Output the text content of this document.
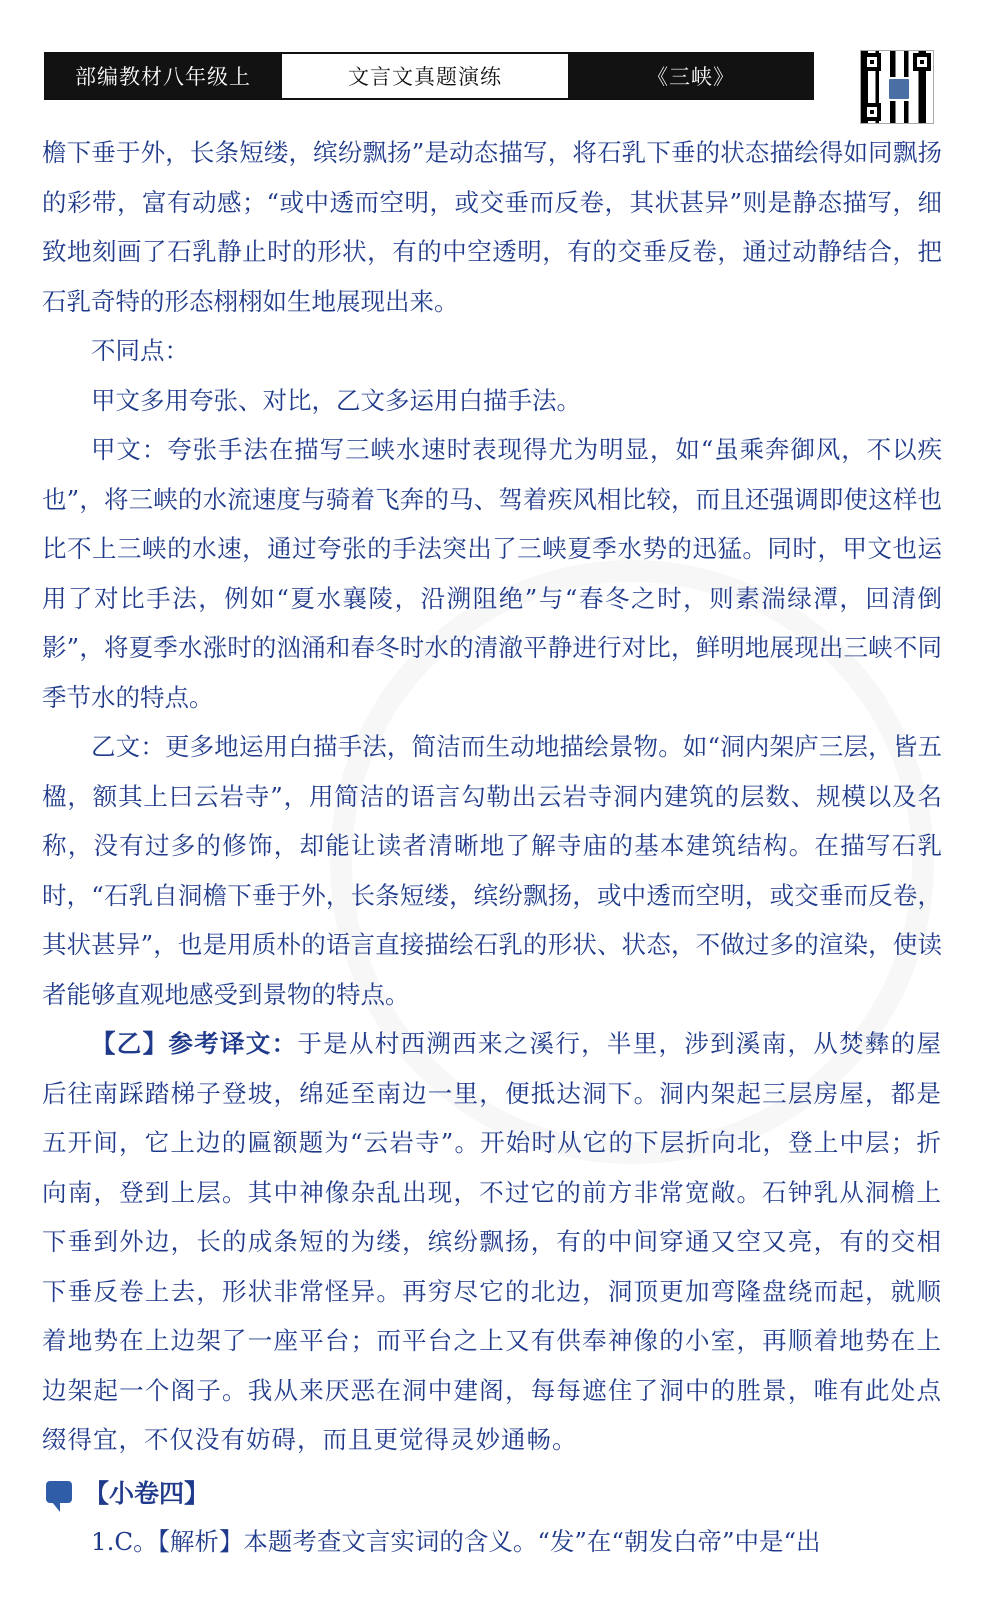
部编教材八年级上	文言文真题演练	《三峡》

檐下垂于外，长条短缕，缤纷飘扬”是动态描写，将石乳下垂的状态描绘得如同飘扬的彩带，富有动感；“或中透而空明，或交垂而反卷，其状甚异”则是静态描写，细致地刻画了石乳静止时的形状，有的中空透明，有的交垂反卷，通过动静结合，把石乳奇特的形态栩栩如生地展现出来。

不同点：

甲文多用夸张、对比，乙文多运用白描手法。

甲文：夸张手法在描写三峡水速时表现得尤为明显，如“虽乘奔御风，不以疾也”，将三峡的水流速度与骑着飞奔的马、驾着疾风相比较，而且还强调即使这样也比不上三峡的水速，通过夸张的手法突出了三峡夏季水势的迅猛。同时，甲文也运用了对比手法，例如“夏水襄陵，沿溯阻绝”与“春冬之时，则素湍绿潭，回清倒影”，将夏季水涨时的汹涌和春冬时水的清澈平静进行对比，鲜明地展现出三峡不同季节水的特点。

乙文：更多地运用白描手法，简洁而生动地描绘景物。如“洞内架庐三层，皆五楹，额其上曰云岩寺”，用简洁的语言勾勒出云岩寺洞内建筑的层数、规模以及名称，没有过多的修饰，却能让读者清晰地了解寺庙的基本建筑结构。在描写石乳时，“石乳自洞檐下垂于外，长条短缕，缤纷飘扬，或中透而空明，或交垂而反卷，其状甚异”，也是用质朴的语言直接描绘石乳的形状、状态，不做过多的渲染，使读者能够直观地感受到景物的特点。

【乙】参考译文：于是从村西溯西来之溪行，半里，涉到溪南，从焚彝的屋后往南踩踏梯子登坡，绵延至南边一里，便抵达洞下。洞内架起三层房屋，都是五开间，它上边的匾额题为“云岩寺”。开始时从它的下层折向北，登上中层；折向南，登到上层。其中神像杂乱出现，不过它的前方非常宽敞。石钟乳从洞檐上下垂到外边，长的成条短的为缕，缤纷飘扬，有的中间穿通又空又亮，有的交相下垂反卷上去，形状非常怪异。再穷尽它的北边，洞顶更加弯隆盘绕而起，就顺着地势在上边架了一座平台；而平台之上又有供奉神像的小室，再顺着地势在上边架起一个阁子。我从来厌恶在洞中建阁，每每遮住了洞中的胜景，唯有此处点缀得宜，不仅没有妨碍，而且更觉得灵妙通畅。

【小卷四】

1.C。【解析】本题考查文言实词的含义。“发”在“朝发白帝”中是“出
